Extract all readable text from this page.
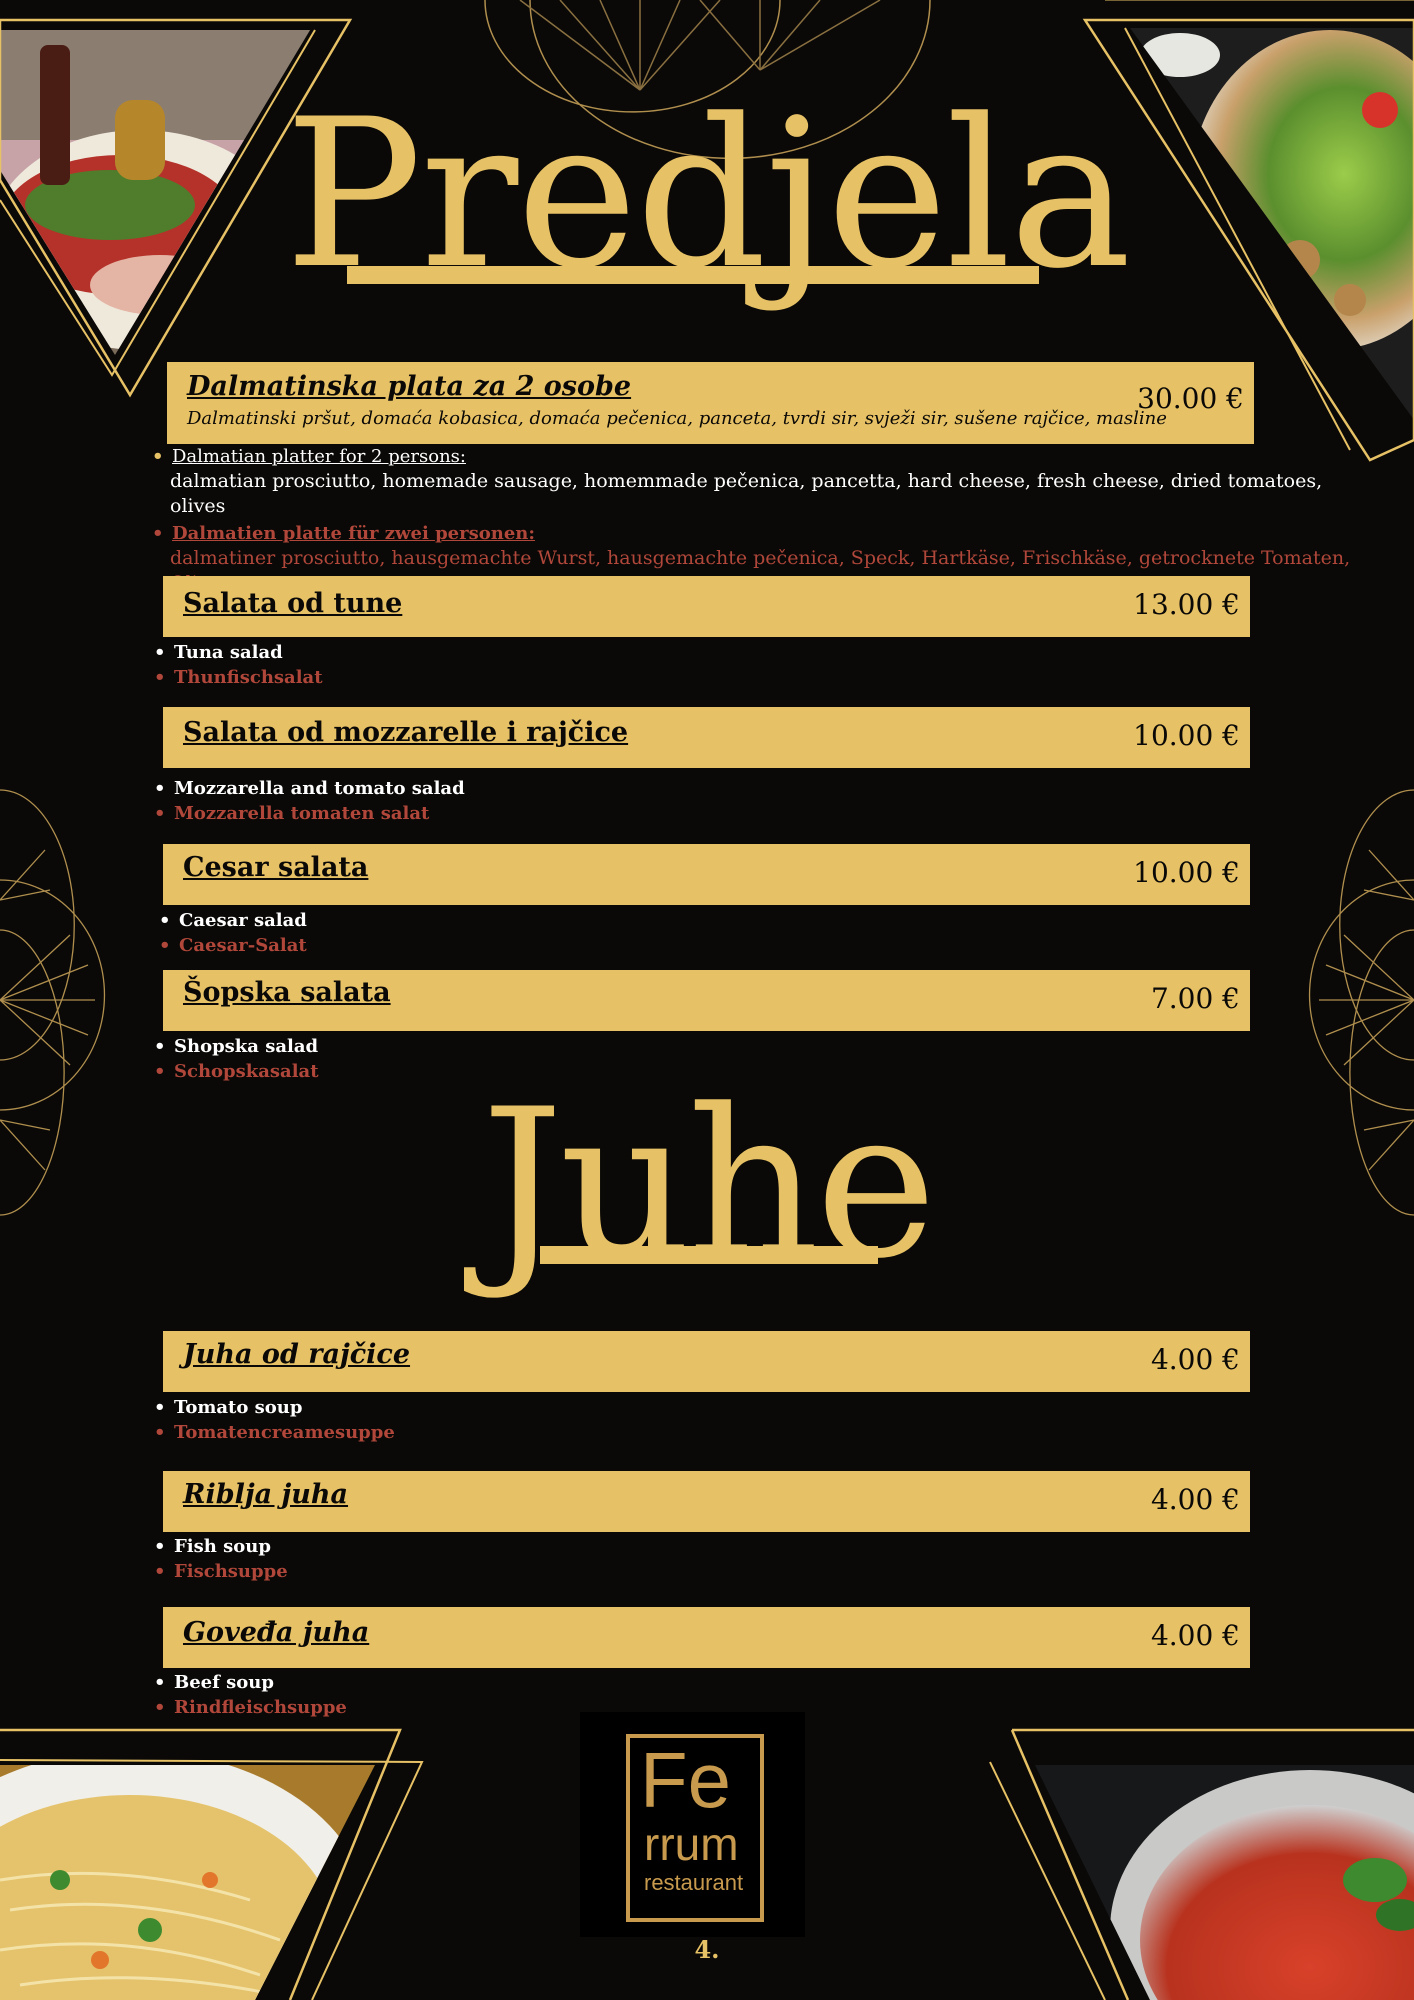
Predjela
Juhe
Dalmatinska plata za 2 osobe	30.00 €
Dalmatinski pršut, domaća kobasica, domaća pečenica, panceta, tvrdi sir, svježi sir, sušene rajčice, masline
• Dalmatian platter for 2 persons:
dalmatian prosciutto, homemade sausage, homemmade pečenica, pancetta, hard cheese, fresh cheese, dried tomatoes, olives
• Dalmatien platte für zwei personen:
dalmatiner prosciutto, hausgemachte Wurst, hausgemachte pečenica, Speck, Hartkäse, Frischkäse, getrocknete Tomaten,
Salata od tune	13.00 €
• Tuna salad
• Thunfischsalat
Salata od mozzarelle i rajčice	10.00 €
• Mozzarella and tomato salad
• Mozzarella tomaten salat
Cesar salata	10.00 €
• Caesar salad
• Caesar-Salat
Šopska salata	7.00 €
• Shopska salad
• Schopskasalat
Juha od rajčice	4.00 €
• Tomato soup
• Tomatencreamesuppe
Riblja juha	4.00 €
• Fish soup
• Fischsuppe
Goveđa juha	4.00 €
• Beef soup
• Rindfleischsuppe
Fe
rrum
restaurant
4.
